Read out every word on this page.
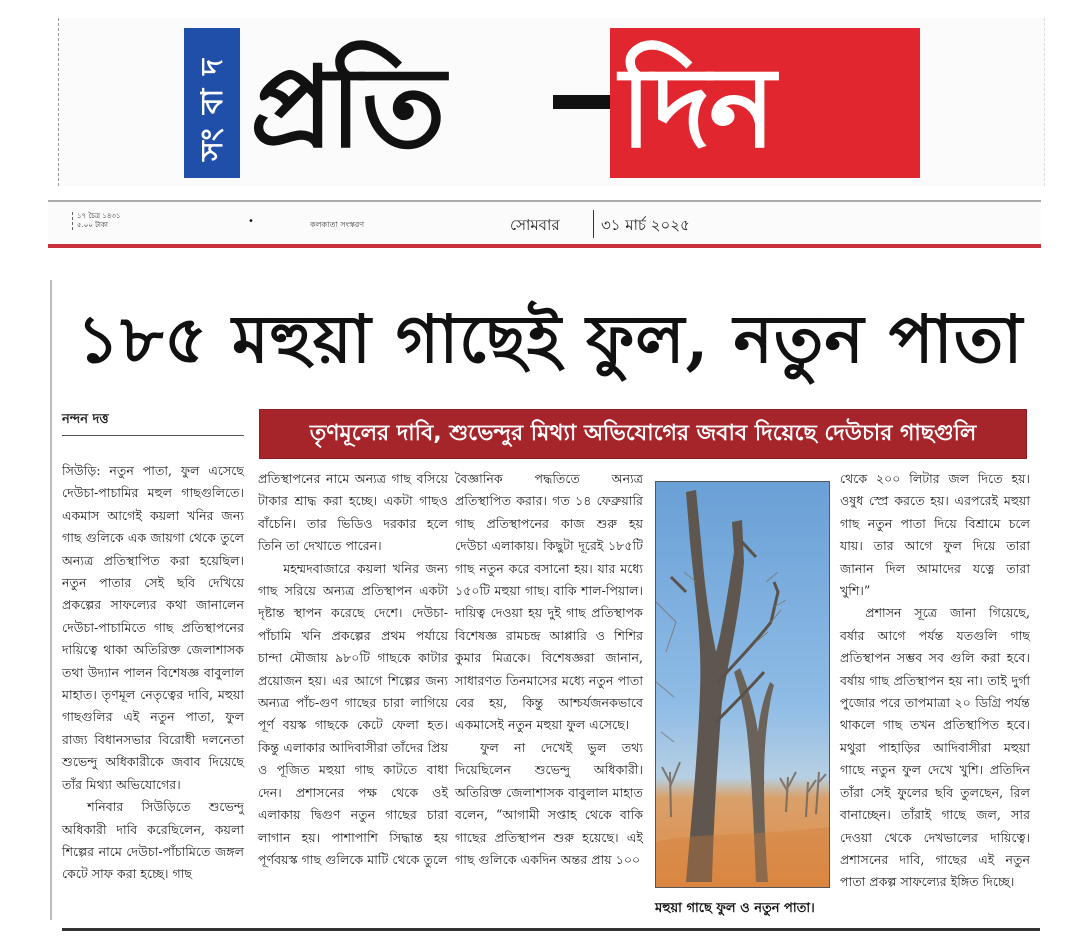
সংবাদ প্রতি দিন
১৭ চৈত্র ১৪৩১
৫.০০ টাকা	•	কলকাতা সংস্করণ	সোমবার	৩১ মার্চ ২০২৫
১৮৫ মহুয়া গাছেই ফুল, নতুন পাতা
নন্দন দত্ত
তৃণমূলের দাবি, শুভেন্দুর মিথ্যা অভিযোগের জবাব দিয়েছে দেউচার গাছগুলি

সিউড়ি: নতুন পাতা, ফুল এসেছে দেউচা-পাচামির মহুল গাছগুলিতে। একমাস আগেই কয়লা খনির জন্য গাছ গুলিকে এক জায়গা থেকে তুলে অন্যত্র প্রতিস্থাপিত করা হয়েছিল। নতুন পাতার সেই ছবি দেখিয়ে প্রকল্পের সাফল্যের কথা জানালেন দেউচা-পাচামিতে গাছ প্রতিস্থাপনের দায়িত্বে থাকা অতিরিক্ত জেলাশাসক তথা উদ্যান পালন বিশেষজ্ঞ বাবুলাল মাহাত। তৃণমূল নেতৃত্বের দাবি, মহুয়া গাছগুলির এই নতুন পাতা, ফুল রাজ্য বিধানসভার বিরোধী দলনেতা শুভেন্দু অধিকারীকে জবাব দিয়েছে তাঁর মিথ্যা অভিযোগের।

শনিবার সিউড়িতে শুভেন্দু অধিকারী দাবি করেছিলেন, কয়লা শিল্পের নামে দেউচা-পাঁচামিতে জঙ্গল কেটে সাফ করা হচ্ছে। গাছ

প্রতিস্থাপনের নামে অন্যত্র গাছ বসিয়ে টাকার শ্রাদ্ধ করা হচ্ছে। একটা গাছও বাঁচেনি। তার ভিডিও দরকার হলে তিনি তা দেখাতে পারেন।

মহম্মদবাজারে কয়লা খনির জন্য গাছ সরিয়ে অন্যত্র প্রতিস্থাপন একটা দৃষ্টান্ত স্থাপন করেছে দেশে। দেউচা-পাঁচামি খনি প্রকল্পের প্রথম পর্যায়ে চান্দা মৌজায় ৯৮০টি গাছকে কাটার প্রয়োজন হয়। এর আগে শিল্পের জন্য অন্যত্র পাঁচ-গুণ গাছের চারা লাগিয়ে পূর্ণ বয়স্ক গাছকে কেটে ফেলা হত। কিন্তু এলাকার আদিবাসীরা তাঁদের প্রিয় ও পূজিত মহুয়া গাছ কাটতে বাধা দেন। প্রশাসনের পক্ষ থেকে ওই এলাকায় দ্বিগুণ নতুন গাছের চারা লাগান হয়। পাশাপাশি সিদ্ধান্ত হয় পূর্ণবয়স্ক গাছ গুলিকে মাটি থেকে তুলে

বৈজ্ঞানিক পদ্ধতিতে অন্যত্র প্রতিস্থাপিত করার। গত ১৪ ফেব্রুয়ারি গাছ প্রতিস্থাপনের কাজ শুরু হয় দেউচা এলাকায়। কিছুটা দূরেই ১৮৫টি গাছ নতুন করে বসানো হয়। যার মধ্যে ১৫০টি মহুয়া গাছ। বাকি শাল-পিয়াল। দায়িত্ব দেওয়া হয় দুই গাছ প্রতিস্থাপক বিশেষজ্ঞ রামচন্দ্র আপ্পারি ও শিশির কুমার মিত্রকে। বিশেষজ্ঞরা জানান, সাধারণত তিনমাসের মধ্যে নতুন পাতা বের হয়, কিন্তু আশ্চর্যজনকভাবে একমাসেই নতুন মহুয়া ফুল এসেছে।

ফুল না দেখেই ভুল তথ্য দিয়েছিলেন শুভেন্দু অধিকারী। অতিরিক্ত জেলাশাসক বাবুলাল মাহাত বলেন, “আগামী সপ্তাহ থেকে বাকি গাছের প্রতিস্থাপন শুরু হয়েছে। এই গাছ গুলিকে একদিন অন্তর প্রায় ১০০

মহুয়া গাছে ফুল ও নতুন পাতা।

থেকে ২০০ লিটার জল দিতে হয়। ওষুধ স্প্রে করতে হয়। এরপরেই মহুয়া গাছ নতুন পাতা দিয়ে বিশ্রামে চলে যায়। তার আগে ফুল দিয়ে তারা জানান দিল আমাদের যত্নে তারা খুশি।”

প্রশাসন সূত্রে জানা গিয়েছে, বর্ষার আগে পর্যন্ত যতগুলি গাছ প্রতিস্থাপন সম্ভব সব গুলি করা হবে। বর্ষায় গাছ প্রতিস্থাপন হয় না। তাই দুর্গা পুজোর পরে তাপমাত্রা ২০ ডিগ্রি পর্যন্ত থাকলে গাছ তখন প্রতিস্থাপিত হবে। মথুরা পাহাড়ির আদিবাসীরা মহুয়া গাছে নতুন ফুল দেখে খুশি। প্রতিদিন তাঁরা সেই ফুলের ছবি তুলছেন, রিল বানাচ্ছেন। তাঁরাই গাছে জল, সার দেওয়া থেকে দেখভালের দায়িত্বে। প্রশাসনের দাবি, গাছের এই নতুন পাতা প্রকল্প সাফল্যের ইঙ্গিত দিচ্ছে।
